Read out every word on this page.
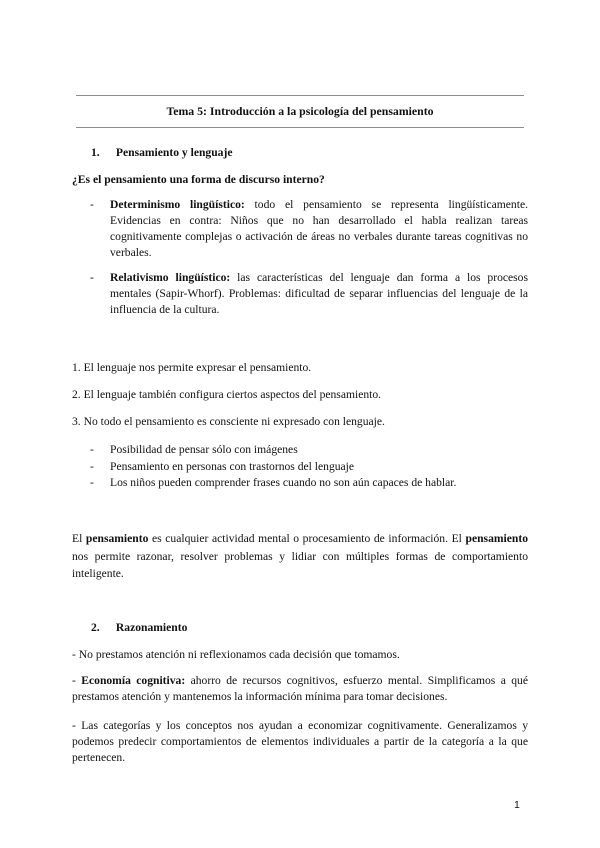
Tema 5: Introducción a la psicología del pensamiento
1. Pensamiento y lenguaje
¿Es el pensamiento una forma de discurso interno?
- Determinismo lingüístico: todo el pensamiento se representa lingüísticamente. Evidencias en contra: Niños que no han desarrollado el habla realizan tareas cognitivamente complejas o activación de áreas no verbales durante tareas cognitivas no verbales.
- Relativismo lingüístico: las características del lenguaje dan forma a los procesos mentales (Sapir-Whorf). Problemas: dificultad de separar influencias del lenguaje de la influencia de la cultura.
1. El lenguaje nos permite expresar el pensamiento.
2. El lenguaje también configura ciertos aspectos del pensamiento.
3. No todo el pensamiento es consciente ni expresado con lenguaje.
- Posibilidad de pensar sólo con imágenes
- Pensamiento en personas con trastornos del lenguaje
- Los niños pueden comprender frases cuando no son aún capaces de hablar.
El pensamiento es cualquier actividad mental o procesamiento de información. El pensamiento nos permite razonar, resolver problemas y lidiar con múltiples formas de comportamiento inteligente.
2. Razonamiento
- No prestamos atención ni reflexionamos cada decisión que tomamos.
- Economía cognitiva: ahorro de recursos cognitivos, esfuerzo mental. Simplificamos a qué prestamos atención y mantenemos la información mínima para tomar decisiones.
- Las categorías y los conceptos nos ayudan a economizar cognitivamente. Generalizamos y podemos predecir comportamientos de elementos individuales a partir de la categoría a la que pertenecen.
1
